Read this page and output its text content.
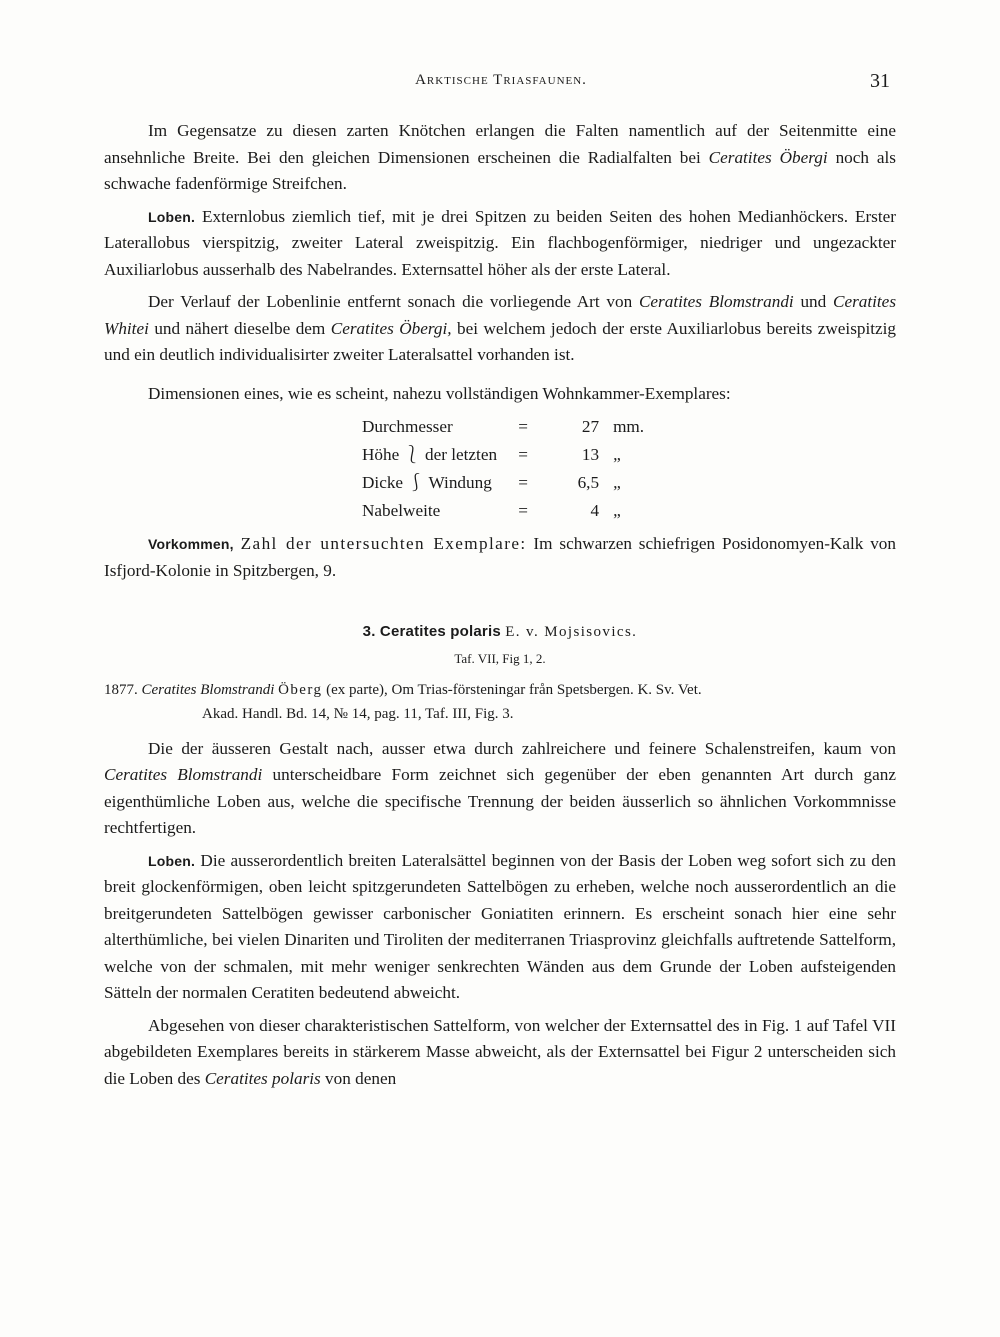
Arktische Triasfaunen.	31

Im Gegensatze zu diesen zarten Knötchen erlangen die Falten namentlich auf der Seitenmitte eine ansehnliche Breite. Bei den gleichen Dimensionen erscheinen die Radialfalten bei Ceratites Öbergi noch als schwache fadenförmige Streifchen.

Loben. Externlobus ziemlich tief, mit je drei Spitzen zu beiden Seiten des hohen Medianhöckers. Erster Laterallobus vierspitzig, zweiter Lateral zweispitzig. Ein flachbogenförmiger, niedriger und ungezackter Auxiliarlobus ausserhalb des Nabelrandes. Externsattel höher als der erste Lateral.

Der Verlauf der Lobenlinie entfernt sonach die vorliegende Art von Ceratites Blomstrandi und Ceratites Whitei und nähert dieselbe dem Ceratites Öbergi, bei welchem jedoch der erste Auxiliarlobus bereits zweispitzig und ein deutlich individualisirter zweiter Lateralsattel vorhanden ist.

Dimensionen eines, wie es scheint, nahezu vollständigen Wohnkammer-Exemplares:

Durchmesser	=	27	mm.
Höhe ⎱ der letzten	=	13	„
Dicke ⎰ Windung	=	6,5	„
Nabelweite	=	4	„

Vorkommen, Zahl der untersuchten Exemplare: Im schwarzen schiefrigen Posidonomyen-Kalk von Isfjord-Kolonie in Spitzbergen, 9.

3. Ceratites polaris E. v. Mojsisovics.
Taf. VII, Fig 1, 2.
1877. Ceratites Blomstrandi Öberg (ex parte), Om Trias-försteningar från Spetsbergen. K. Sv. Vet.
Akad. Handl. Bd. 14, № 14, pag. 11, Taf. III, Fig. 3.

Die der äusseren Gestalt nach, ausser etwa durch zahlreichere und feinere Schalenstreifen, kaum von Ceratites Blomstrandi unterscheidbare Form zeichnet sich gegenüber der eben genannten Art durch ganz eigenthümliche Loben aus, welche die specifische Trennung der beiden äusserlich so ähnlichen Vorkommnisse rechtfertigen.

Loben. Die ausserordentlich breiten Lateralsättel beginnen von der Basis der Loben weg sofort sich zu den breit glockenförmigen, oben leicht spitzgerundeten Sattelbögen zu erheben, welche noch ausserordentlich an die breitgerundeten Sattelbögen gewisser carbonischer Goniatiten erinnern. Es erscheint sonach hier eine sehr alterthümliche, bei vielen Dinariten und Tiroliten der mediterranen Triasprovinz gleichfalls auftretende Sattelform, welche von der schmalen, mit mehr weniger senkrechten Wänden aus dem Grunde der Loben aufsteigenden Sätteln der normalen Ceratiten bedeutend abweicht.

Abgesehen von dieser charakteristischen Sattelform, von welcher der Externsattel des in Fig. 1 auf Tafel VII abgebildeten Exemplares bereits in stärkerem Masse abweicht, als der Externsattel bei Figur 2 unterscheiden sich die Loben des Ceratites polaris von denen
